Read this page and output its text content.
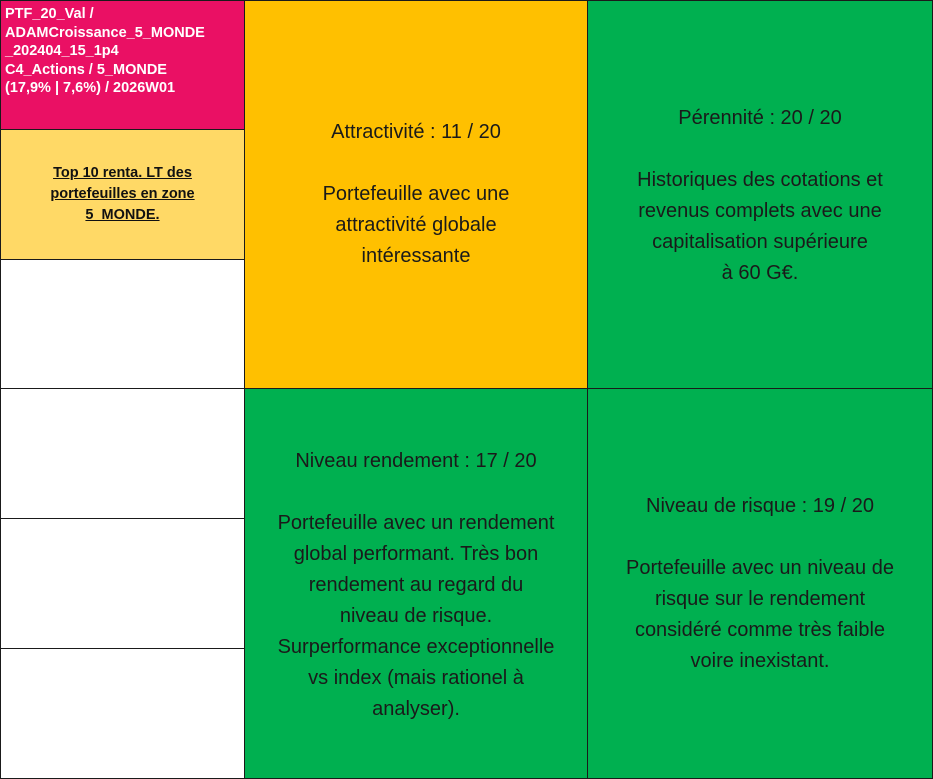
PTF_20_Val /
ADAMCroissance_5_MONDE
_202404_15_1p4
C4_Actions / 5_MONDE
(17,9% | 7,6%) / 2026W01
Top 10 renta. LT des portefeuilles en zone 5_MONDE.
Attractivité : 11 / 20
Portefeuille avec une
attractivité globale
intéressante
Pérennité : 20 / 20
Historiques des cotations et
revenus complets avec une
capitalisation supérieure
à 60 G€.
Niveau rendement : 17 / 20
Portefeuille avec un rendement
global performant. Très bon
rendement au regard du
niveau de risque.
Surperformance exceptionnelle
vs index (mais rationel à
analyser).
Niveau de risque : 19 / 20
Portefeuille avec un niveau de
risque sur le rendement
considéré comme très faible
voire inexistant.
